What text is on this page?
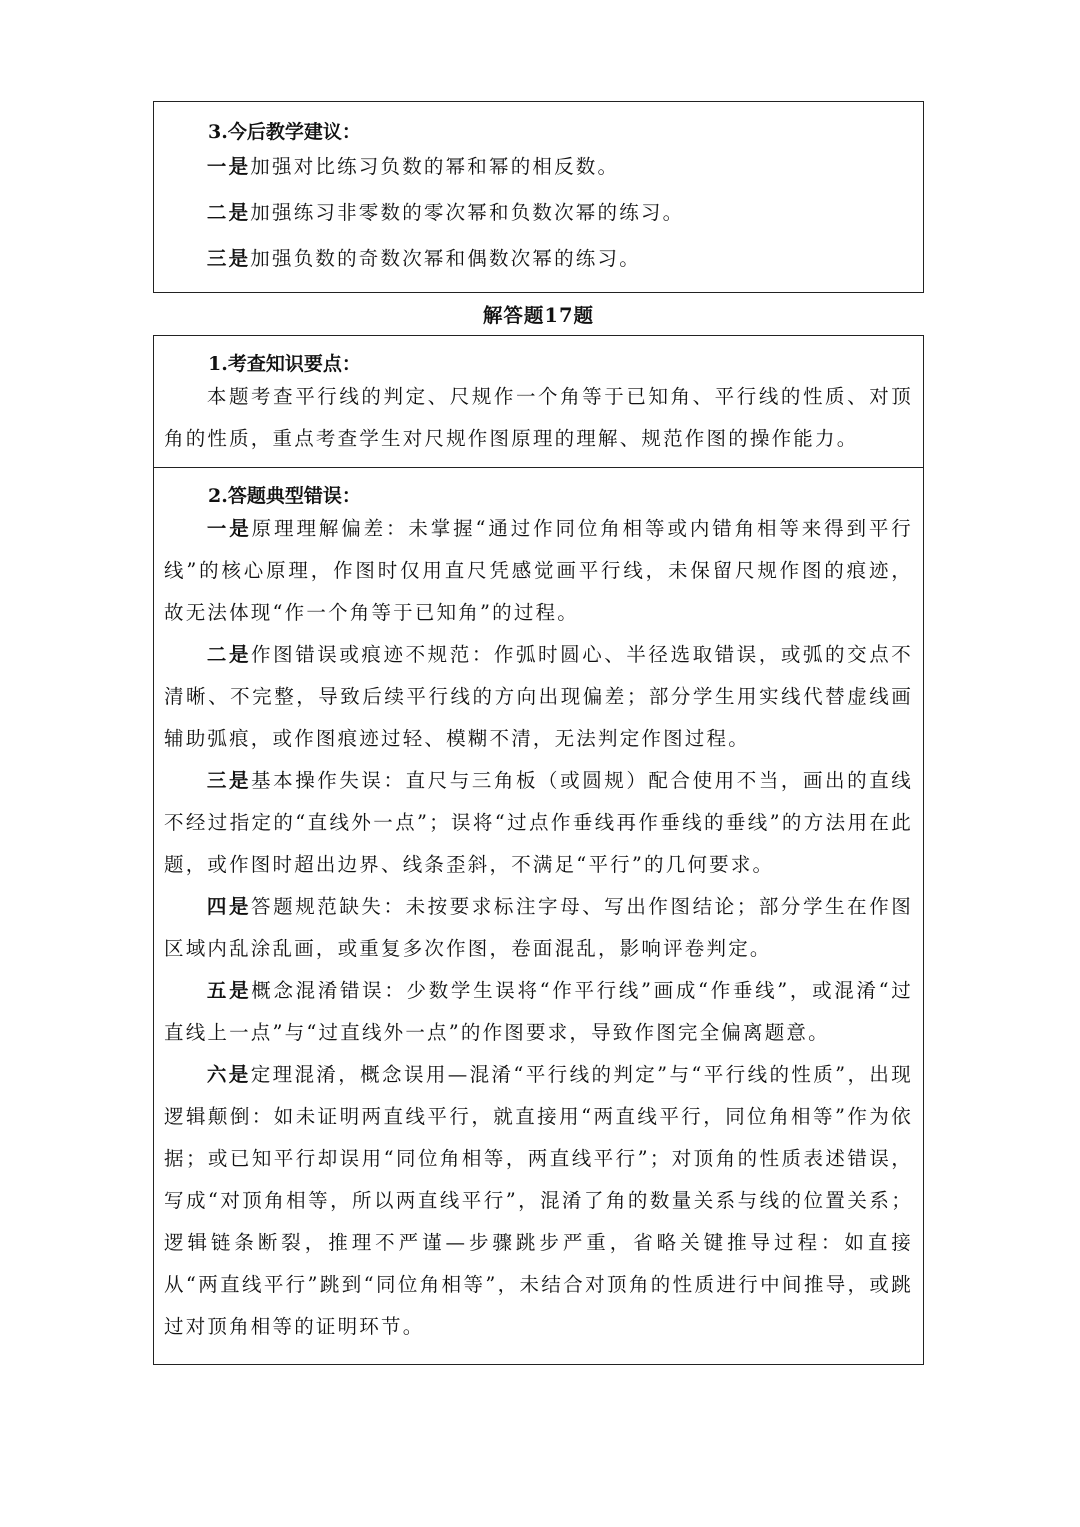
3.今后教学建议：

一是加强对比练习负数的幂和幂的相反数。

二是加强练习非零数的零次幂和负数次幂的练习。

三是加强负数的奇数次幂和偶数次幂的练习。

解答题17题
1.考查知识要点：

本题考查平行线的判定、尺规作一个角等于已知角、平行线的性质、对顶角的性质，重点考查学生对尺规作图原理的理解、规范作图的操作能力。

2.答题典型错误：

一是原理理解偏差：未掌握“通过作同位角相等或内错角相等来得到平行线”的核心原理，作图时仅用直尺凭感觉画平行线，未保留尺规作图的痕迹，故无法体现“作一个角等于已知角”的过程。

二是作图错误或痕迹不规范：作弧时圆心、半径选取错误，或弧的交点不清晰、不完整，导致后续平行线的方向出现偏差；部分学生用实线代替虚线画辅助弧痕，或作图痕迹过轻、模糊不清，无法判定作图过程。

三是基本操作失误：直尺与三角板（或圆规）配合使用不当，画出的直线不经过指定的“直线外一点”；误将“过点作垂线再作垂线的垂线”的方法用在此题，或作图时超出边界、线条歪斜，不满足“平行”的几何要求。

四是答题规范缺失：未按要求标注字母、写出作图结论；部分学生在作图区域内乱涂乱画，或重复多次作图，卷面混乱，影响评卷判定。

五是概念混淆错误：少数学生误将“作平行线”画成“作垂线”，或混淆“过直线上一点”与“过直线外一点”的作图要求，导致作图完全偏离题意。

六是定理混淆，概念误用—混淆“平行线的判定”与“平行线的性质”，出现逻辑颠倒：如未证明两直线平行，就直接用“两直线平行，同位角相等”作为依据；或已知平行却误用“同位角相等，两直线平行”；对顶角的性质表述错误，写成“对顶角相等，所以两直线平行”，混淆了角的数量关系与线的位置关系；逻辑链条断裂，推理不严谨—步骤跳步严重，省略关键推导过程：如直接从“两直线平行”跳到“同位角相等”，未结合对顶角的性质进行中间推导，或跳过对顶角相等的证明环节。
